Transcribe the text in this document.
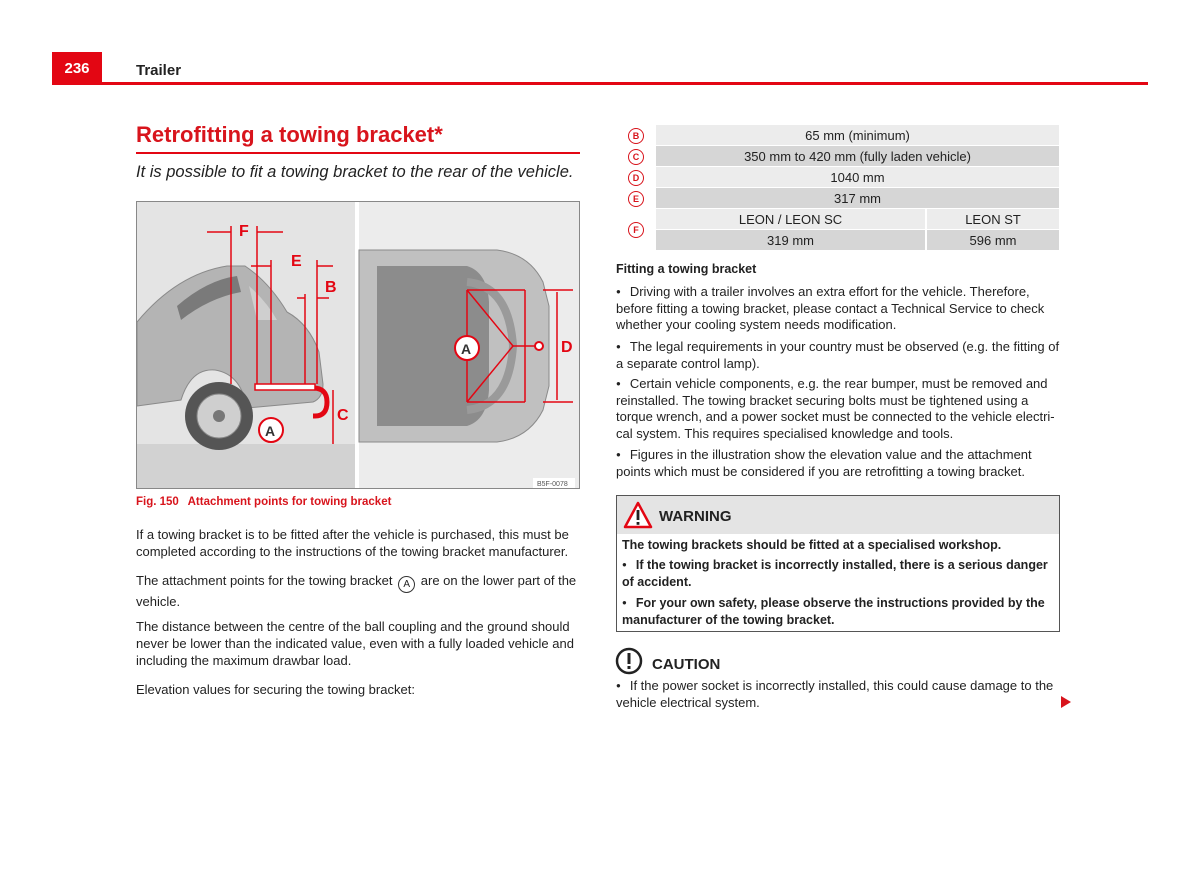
236	Trailer
Retrofitting a towing bracket*
It is possible to fit a towing bracket to the rear of the vehicle.
F
E
B
C
A
A	D
B5F-0078
Fig. 150 Attachment points for towing bracket
If a towing bracket is to be fitted after the vehicle is purchased, this must be completed according to the instructions of the towing bracket manufacturer.
The attachment points for the towing bracket A are on the lower part of the vehicle.
The distance between the centre of the ball coupling and the ground should never be lower than the indicated value, even with a fully loaded vehicle and including the maximum drawbar load.
Elevation values for securing the towing bracket:
B	65 mm (minimum)	
C	350 mm to 420 mm (fully laden vehicle)	
D	1040 mm	
E	317 mm	
F	LEON / LEON SC	LEON ST
	319 mm	596 mm
Fitting a towing bracket
● Driving with a trailer involves an extra effort for the vehicle. Therefore, before fitting a towing bracket, please contact a Technical Service to check whether your cooling system needs modification.
● The legal requirements in your country must be observed (e.g. the fitting of a separate control lamp).
● Certain vehicle components, e.g. the rear bumper, must be removed and reinstalled. The towing bracket securing bolts must be tightened using a torque wrench, and a power socket must be connected to the vehicle electri-cal system. This requires specialised knowledge and tools.
● Figures in the illustration show the elevation value and the attachment points which must be considered if you are retrofitting a towing bracket.
WARNING
The towing brackets should be fitted at a specialised workshop.
● If the towing bracket is incorrectly installed, there is a serious danger of accident.
● For your own safety, please observe the instructions provided by the manufacturer of the towing bracket.
CAUTION
● If the power socket is incorrectly installed, this could cause damage to the vehicle electrical system.
